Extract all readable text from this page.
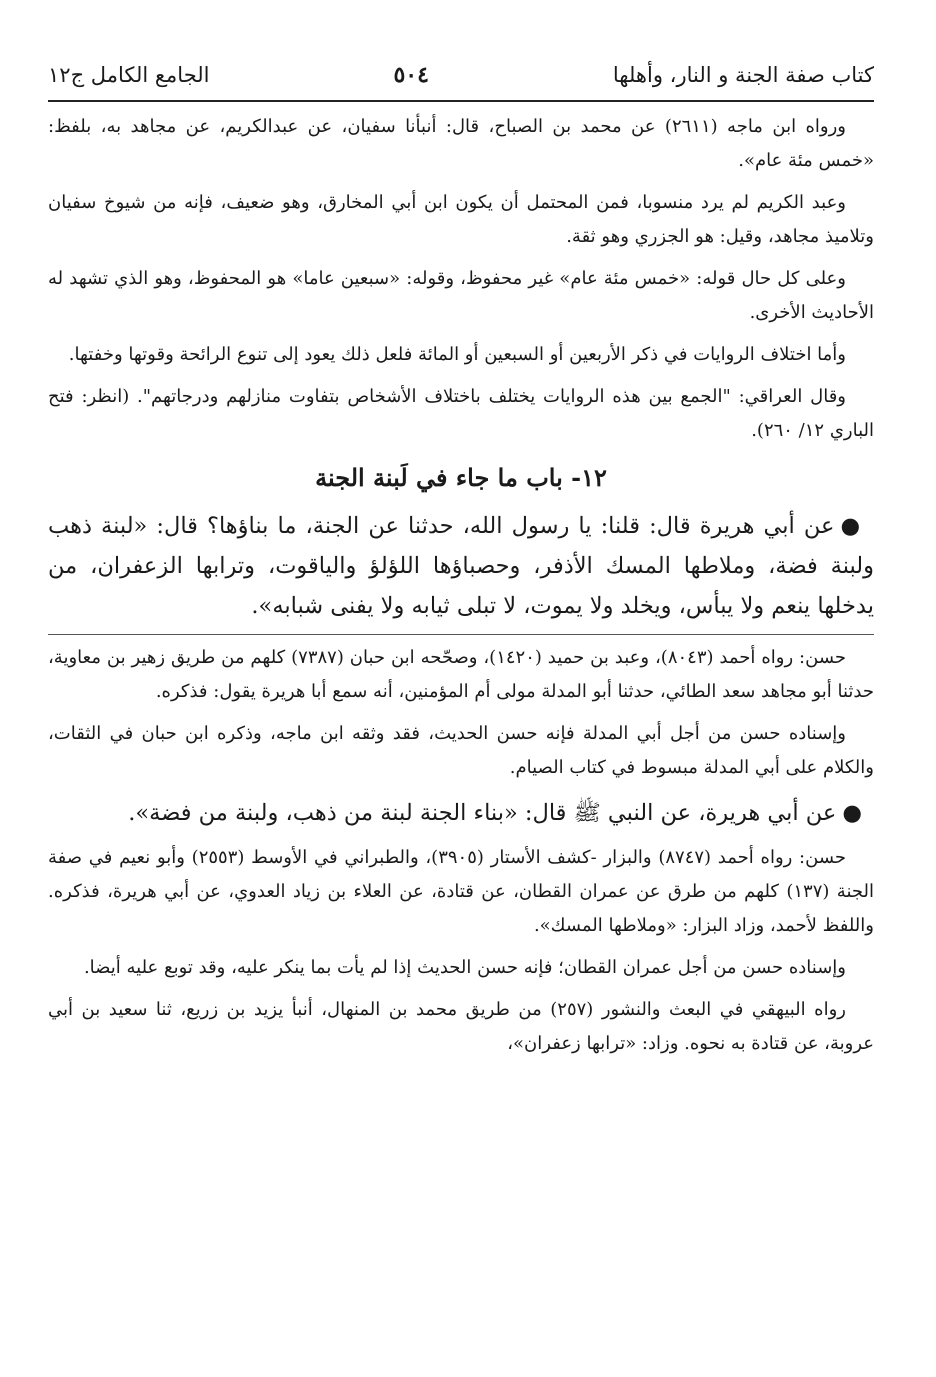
كتاب صفة الجنة و النار، وأهلها
٥٠٤
الجامع الكامل ج١٢

ورواه ابن ماجه (٢٦١١) عن محمد بن الصباح، قال: أنبأنا سفيان، عن عبدالكريم، عن مجاهد به، بلفظ: «خمس مئة عام».

وعبد الكريم لم يرد منسوبا، فمن المحتمل أن يكون ابن أبي المخارق، وهو ضعيف، فإنه من شيوخ سفيان وتلاميذ مجاهد، وقيل: هو الجزري وهو ثقة.

وعلى كل حال قوله: «خمس مئة عام» غير محفوظ، وقوله: «سبعين عاما» هو المحفوظ، وهو الذي تشهد له الأحاديث الأخرى.

وأما اختلاف الروايات في ذكر الأربعين أو السبعين أو المائة فلعل ذلك يعود إلى تنوع الرائحة وقوتها وخفتها.

وقال العراقي: "الجمع بين هذه الروايات يختلف باختلاف الأشخاص بتفاوت منازلهم ودرجاتهم". (انظر: فتح الباري ١٢/ ٢٦٠).

١٢- باب ما جاء في لَبنة الجنة

●عن أبي هريرة قال: قلنا: يا رسول الله، حدثنا عن الجنة، ما بناؤها؟ قال: «لبنة ذهب ولبنة فضة، وملاطها المسك الأذفر، وحصباؤها اللؤلؤ والياقوت، وترابها الزعفران، من يدخلها ينعم ولا يبأس، ويخلد ولا يموت، لا تبلى ثيابه ولا يفنى شبابه».

حسن: رواه أحمد (٨٠٤٣)، وعبد بن حميد (١٤٢٠)، وصحّحه ابن حبان (٧٣٨٧) كلهم من طريق زهير بن معاوية، حدثنا أبو مجاهد سعد الطائي، حدثنا أبو المدلة مولى أم المؤمنين، أنه سمع أبا هريرة يقول: فذكره.

وإسناده حسن من أجل أبي المدلة فإنه حسن الحديث، فقد وثقه ابن ماجه، وذكره ابن حبان في الثقات، والكلام على أبي المدلة مبسوط في كتاب الصيام.

●عن أبي هريرة، عن النبي ﷺ قال: «بناء الجنة لبنة من ذهب، ولبنة من فضة».

حسن: رواه أحمد (٨٧٤٧) والبزار -كشف الأستار (٣٩٠٥)، والطبراني في الأوسط (٢٥٥٣) وأبو نعيم في صفة الجنة (١٣٧) كلهم من طرق عن عمران القطان، عن قتادة، عن العلاء بن زياد العدوي، عن أبي هريرة، فذكره. واللفظ لأحمد، وزاد البزار: «وملاطها المسك».

وإسناده حسن من أجل عمران القطان؛ فإنه حسن الحديث إذا لم يأت بما ينكر عليه، وقد توبع عليه أيضا.

رواه البيهقي في البعث والنشور (٢٥٧) من طريق محمد بن المنهال، أنبأ يزيد بن زريع، ثنا سعيد بن أبي عروبة، عن قتادة به نحوه. وزاد: «ترابها زعفران»،
